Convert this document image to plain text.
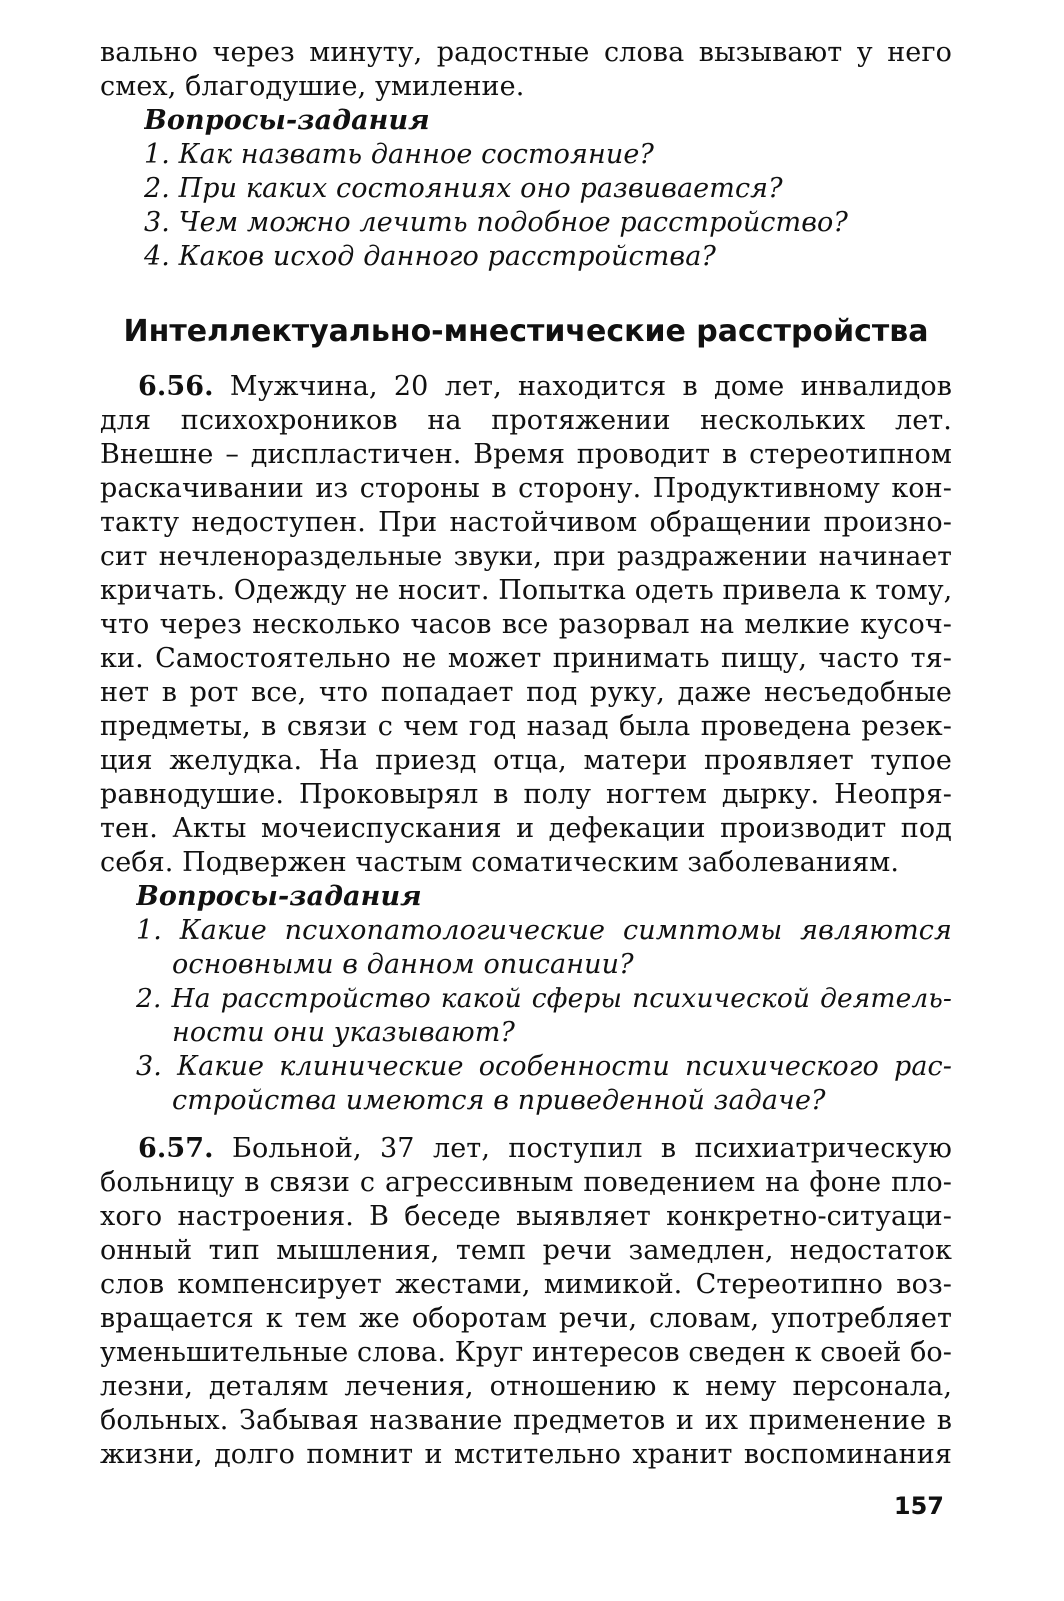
вально через минуту, радостные слова вызывают у него
смех, благодушие, умиление.
Вопросы-задания
1. Как назвать данное состояние?
2. При каких состояниях оно развивается?
3. Чем можно лечить подобное расстройство?
4. Каков исход данного расстройства?
Интеллектуально-мнестические расстройства
6.56. Мужчина, 20 лет, находится в доме инвалидов
для психохроников на протяжении нескольких лет.
Внешне – диспластичен. Время проводит в стереотипном
раскачивании из стороны в сторону. Продуктивному кон-
такту недоступен. При настойчивом обращении произно-
сит нечленораздельные звуки, при раздражении начинает
кричать. Одежду не носит. Попытка одеть привела к тому,
что через несколько часов все разорвал на мелкие кусоч-
ки. Самостоятельно не может принимать пищу, часто тя-
нет в рот все, что попадает под руку, даже несъедобные
предметы, в связи с чем год назад была проведена резек-
ция желудка. На приезд отца, матери проявляет тупое
равнодушие. Проковырял в полу ногтем дырку. Неопря-
тен. Акты мочеиспускания и дефекации производит под
себя. Подвержен частым соматическим заболеваниям.
Вопросы-задания
1. Какие психопатологические симптомы являются
основными в данном описании?
2. На расстройство какой сферы психической деятель-
ности они указывают?
3. Какие клинические особенности психического рас-
стройства имеются в приведенной задаче?
6.57. Больной, 37 лет, поступил в психиатрическую
больницу в связи с агрессивным поведением на фоне пло-
хого настроения. В беседе выявляет конкретно-ситуаци-
онный тип мышления, темп речи замедлен, недостаток
слов компенсирует жестами, мимикой. Стереотипно воз-
вращается к тем же оборотам речи, словам, употребляет
уменьшительные слова. Круг интересов сведен к своей бо-
лезни, деталям лечения, отношению к нему персонала,
больных. Забывая название предметов и их применение в
жизни, долго помнит и мстительно хранит воспоминания
157
